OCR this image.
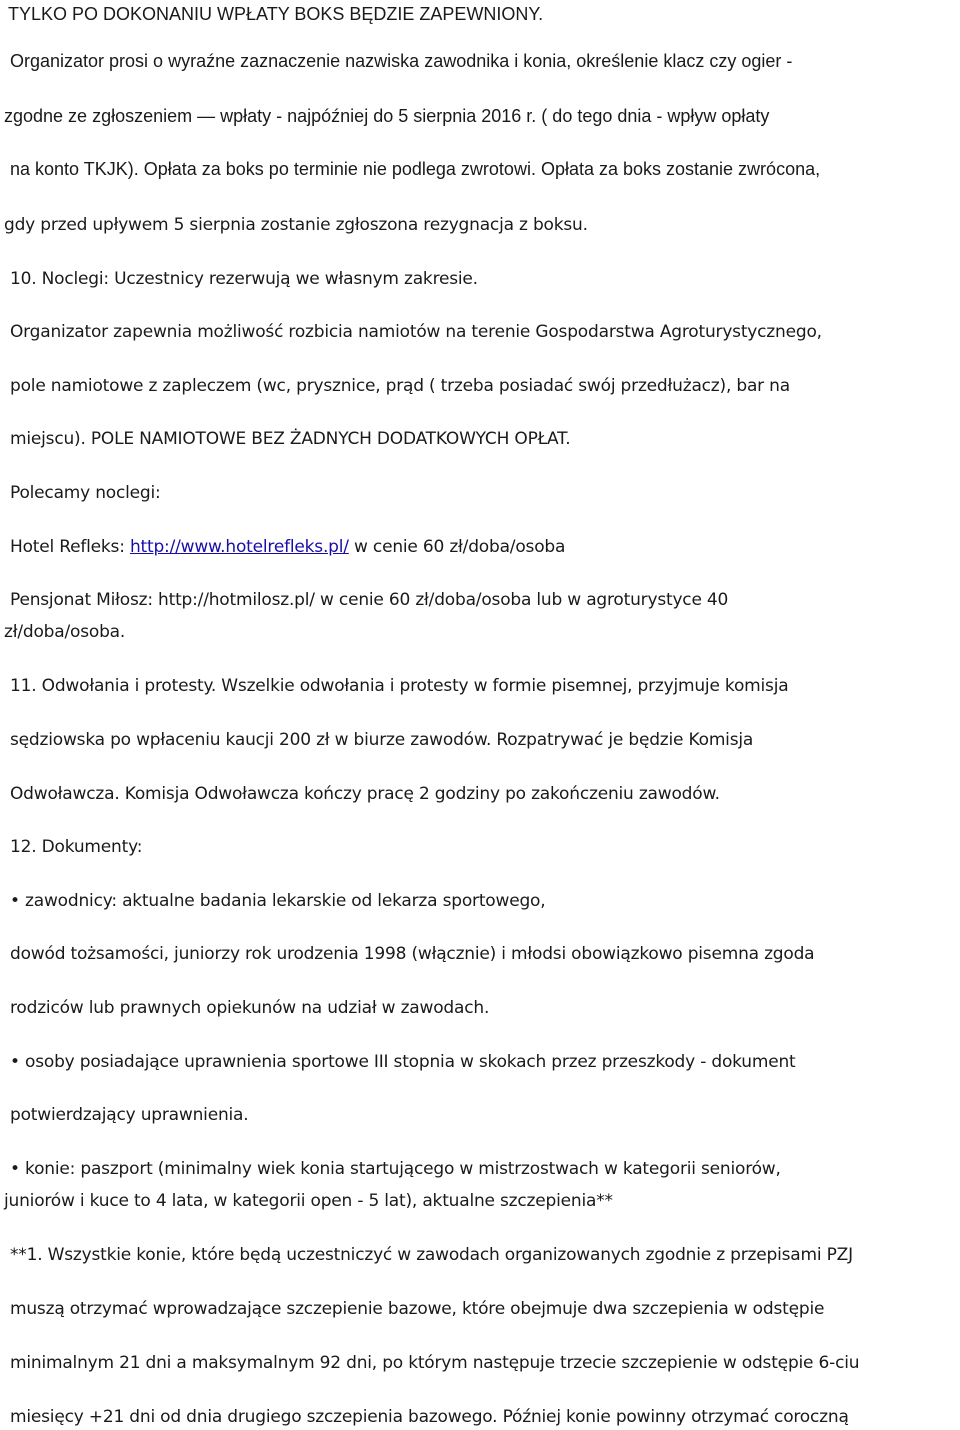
TYLKO PO DOKONANIU WPŁATY BOKS BĘDZIE ZAPEWNIONY.

Organizator prosi o wyraźne zaznaczenie nazwiska zawodnika i konia, określenie klacz czy ogier -

zgodne ze zgłoszeniem — wpłaty - najpóźniej do 5 sierpnia 2016 r. ( do tego dnia - wpływ opłaty

na konto TKJK). Opłata za boks po terminie nie podlega zwrotowi. Opłata za boks zostanie zwrócona,

gdy przed upływem 5 sierpnia zostanie zgłoszona rezygnacja z boksu.

10. Noclegi: Uczestnicy rezerwują we własnym zakresie.

Organizator zapewnia możliwość rozbicia namiotów na terenie Gospodarstwa Agroturystycznego,

pole namiotowe z zapleczem (wc, prysznice, prąd ( trzeba posiadać swój przedłużacz), bar na

miejscu). POLE NAMIOTOWE BEZ ŻADNYCH DODATKOWYCH OPŁAT.

Polecamy noclegi:

Hotel Refleks: http://www.hotelrefleks.pl/ w cenie 60 zł/doba/osoba

Pensjonat Miłosz: http://hotmilosz.pl/ w cenie 60 zł/doba/osoba lub w agroturystyce 40

zł/doba/osoba.

11. Odwołania i protesty. Wszelkie odwołania i protesty w formie pisemnej, przyjmuje komisja

sędziowska po wpłaceniu kaucji 200 zł w biurze zawodów. Rozpatrywać je będzie Komisja

Odwoławcza. Komisja Odwoławcza kończy pracę 2 godziny po zakończeniu zawodów.

12. Dokumenty:

• zawodnicy: aktualne badania lekarskie od lekarza sportowego,

dowód tożsamości, juniorzy rok urodzenia 1998 (włącznie) i młodsi obowiązkowo pisemna zgoda

rodziców lub prawnych opiekunów na udział w zawodach.

• osoby posiadające uprawnienia sportowe III stopnia w skokach przez przeszkody - dokument

potwierdzający uprawnienia.

• konie: paszport (minimalny wiek konia startującego w mistrzostwach w kategorii seniorów,

juniorów i kuce to 4 lata, w kategorii open - 5 lat), aktualne szczepienia**

**1. Wszystkie konie, które będą uczestniczyć w zawodach organizowanych zgodnie z przepisami PZJ

muszą otrzymać wprowadzające szczepienie bazowe, które obejmuje dwa szczepienia w odstępie

minimalnym 21 dni a maksymalnym 92 dni, po którym następuje trzecie szczepienie w odstępie 6-ciu

miesięcy +21 dni od dnia drugiego szczepienia bazowego. Później konie powinny otrzymać coroczną
